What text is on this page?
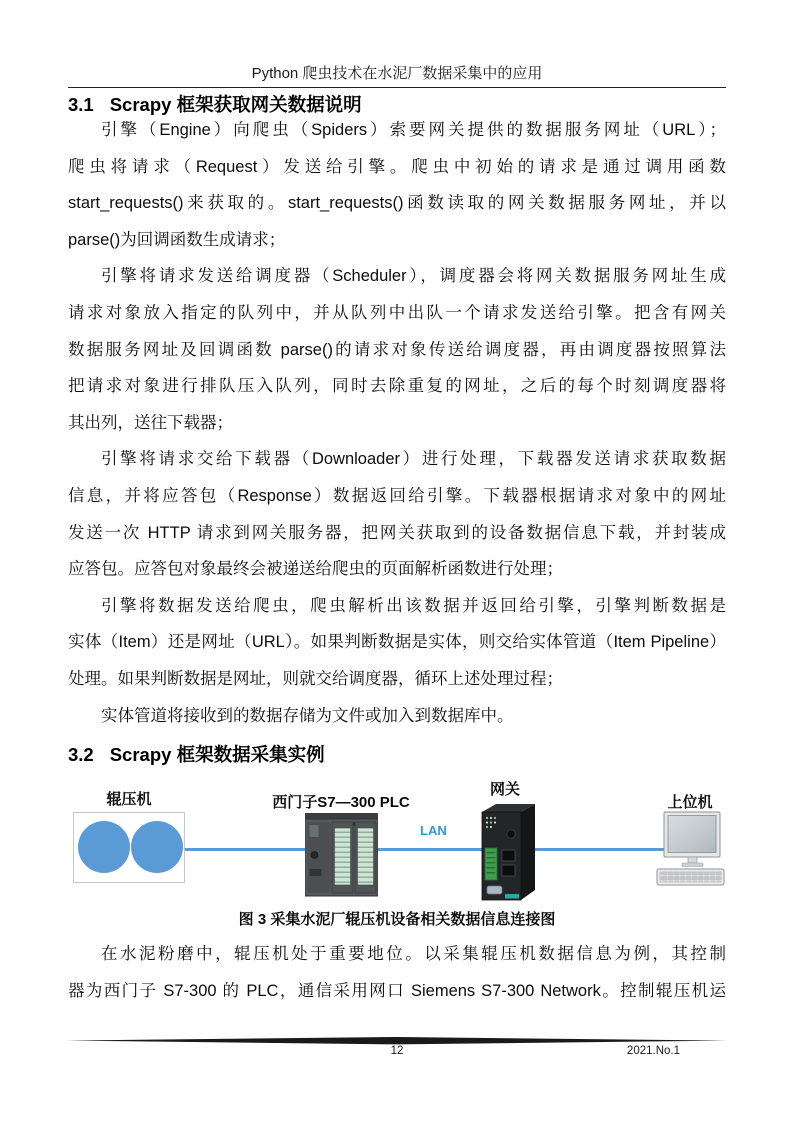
Python 爬虫技术在水泥厂数据采集中的应用
3.1 Scrapy 框架获取网关数据说明
引擎（Engine）向爬虫（Spiders）索要网关提供的数据服务网址（URL）；
爬虫将请求（Request）发送给引擎。爬虫中初始的请求是通过调用函数
start_requests()来获取的。start_requests()函数读取的网关数据服务网址，并以
parse()为回调函数生成请求；
引擎将请求发送给调度器（Scheduler），调度器会将网关数据服务网址生成
请求对象放入指定的队列中，并从队列中出队一个请求发送给引擎。把含有网关
数据服务网址及回调函数 parse()的请求对象传送给调度器，再由调度器按照算法
把请求对象进行排队压入队列，同时去除重复的网址，之后的每个时刻调度器将
其出列，送往下载器；
引擎将请求交给下载器（Downloader）进行处理，下载器发送请求获取数据
信息，并将应答包（Response）数据返回给引擎。下载器根据请求对象中的网址
发送一次 HTTP 请求到网关服务器，把网关获取到的设备数据信息下载，并封装成
应答包。应答包对象最终会被递送给爬虫的页面解析函数进行处理；
引擎将数据发送给爬虫，爬虫解析出该数据并返回给引擎，引擎判断数据是
实体（Item）还是网址（URL）。如果判断数据是实体，则交给实体管道（Item Pipeline）
处理。如果判断数据是网址，则就交给调度器，循环上述处理过程；
实体管道将接收到的数据存储为文件或加入到数据库中。
3.2 Scrapy 框架数据采集实例
辊压机	西门子S7—300 PLC
网关
上位机
LAN
图 3 采集水泥厂辊压机设备相关数据信息连接图
在水泥粉磨中，辊压机处于重要地位。以采集辊压机数据信息为例，其控制
器为西门子 S7-300 的 PLC，通信采用网口 Siemens S7-300 Network。控制辊压机运
12	2021.No.1
